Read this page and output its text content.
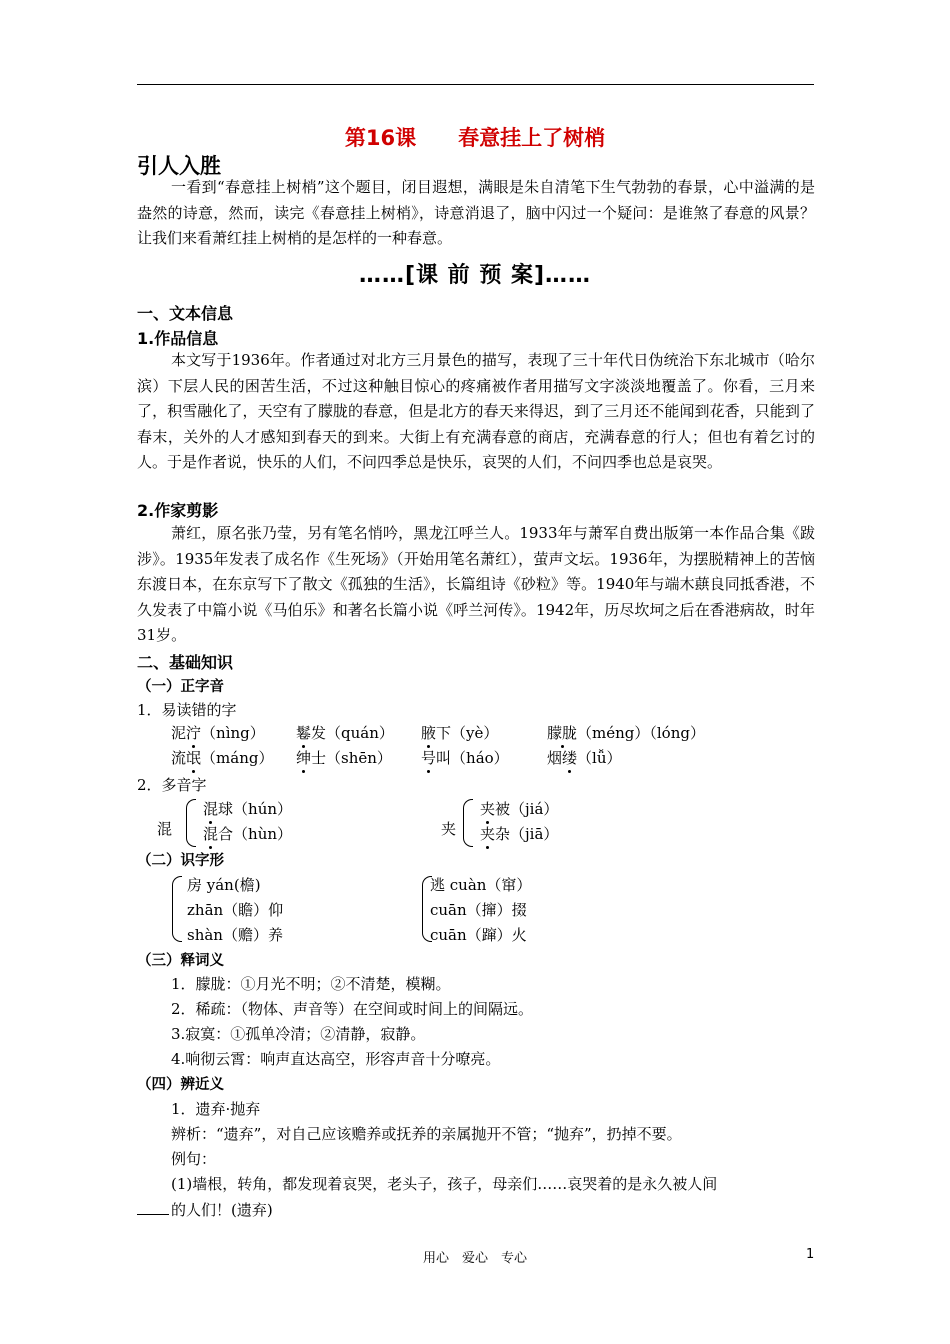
第16课 春意挂上了树梢
引人入胜
一看到“春意挂上树梢”这个题目，闭目遐想，满眼是朱自清笔下生气勃勃的春景，心中溢满的是盎然的诗意，然而，读完《春意挂上树梢》，诗意消退了，脑中闪过一个疑问：是谁煞了春意的风景？让我们来看萧红挂上树梢的是怎样的一种春意。
……[课 前 预 案]……
一、文本信息
1.作品信息
本文写于1936年。作者通过对北方三月景色的描写，表现了三十年代日伪统治下东北城市（哈尔滨）下层人民的困苦生活，不过这种触目惊心的疼痛被作者用描写文字淡淡地覆盖了。你看，三月来了，积雪融化了，天空有了朦胧的春意，但是北方的春天来得迟，到了三月还不能闻到花香，只能到了春末，关外的人才感知到春天的到来。大街上有充满春意的商店，充满春意的行人；但也有着乞讨的人。于是作者说，快乐的人们，不问四季总是快乐，哀哭的人们，不问四季也总是哀哭。
2.作家剪影
萧红，原名张乃莹，另有笔名悄吟，黑龙江呼兰人。1933年与萧军自费出版第一本作品合集《跋涉》。1935年发表了成名作《生死场》（开始用笔名萧红），萤声文坛。1936年，为摆脱精神上的苦恼东渡日本，在东京写下了散文《孤独的生活》，长篇组诗《砂粒》等。1940年与端木蕻良同抵香港，不久发表了中篇小说《马伯乐》和著名长篇小说《呼兰河传》。1942年，历尽坎坷之后在香港病故，时年31岁。
二、基础知识
（一）正字音
1．易读错的字
泥泞（nìng） 鬈发（quán） 腋下（yè）	朦胧（méng）（lóng）
流氓（máng） 绅士（shēn） 号叫（háo）	烟缕（lǚ）
2．多音字
混
混球（hún）
混合（hùn）	夹
夹被（jiá）
夹杂（jiā）
（二）识字形
房 yán(檐)
zhān（瞻）仰
shàn（赡）养
逃 cuàn（窜）
cuān（撺）掇
cuān（蹿）火
（三）释词义
1．朦胧：①月光不明；②不清楚，模糊。
2．稀疏：（物体、声音等）在空间或时间上的间隔远。
3.寂寞：①孤单冷清；②清静，寂静。
4.响彻云霄：响声直达高空，形容声音十分嘹亮。
（四）辨近义
1．遗弃·抛弃
辨析：“遗弃”，对自己应该赡养或抚养的亲属抛开不管；“抛弃”，扔掉不要。
例句：
(1)墙根，转角，都发现着哀哭，老头子，孩子，母亲们……哀哭着的是永久被人间
的人们！(遗弃)
用心　爱心　专心	1
